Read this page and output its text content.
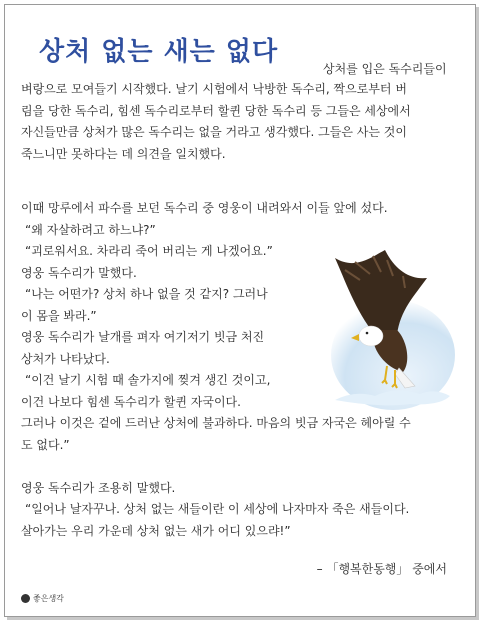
상처 없는 새는 없다
상처를 입은 독수리들이
벼랑으로 모여들기 시작했다. 날기 시험에서 낙방한 독수리, 짝으로부터 버
림을 당한 독수리, 힘센 독수리로부터 할퀸 당한 독수리 등 그들은 세상에서
자신들만큼 상처가 많은 독수리는 없을 거라고 생각했다. 그들은 사는 것이
죽느니만 못하다는 데 의견을 일치했다.
이때 망루에서 파수를 보던 독수리 중 영웅이 내려와서 이들 앞에 섰다.
“왜 자살하려고 하느냐?”
“괴로워서요. 차라리 죽어 버리는 게 나겠어요.”
영웅 독수리가 말했다.
“나는 어떤가? 상처 하나 없을 것 같지? 그러나
이 몸을 봐라.”
영웅 독수리가 날개를 펴자 여기저기 빗금 처진
상처가 나타났다.
“이건 날기 시험 때 솔가지에 찢겨 생긴 것이고,
이건 나보다 힘센 독수리가 할퀸 자국이다.
그러나 이것은 겉에 드러난 상처에 불과하다. 마음의 빗금 자국은 헤아릴 수
도 없다.”
영웅 독수리가 조용히 말했다.
“일어나 날자꾸나. 상처 없는 새들이란 이 세상에 나자마자 죽은 새들이다.
살아가는 우리 가운데 상처 없는 새가 어디 있으랴!”
– 「행복한동행」 중에서
좋은생각
